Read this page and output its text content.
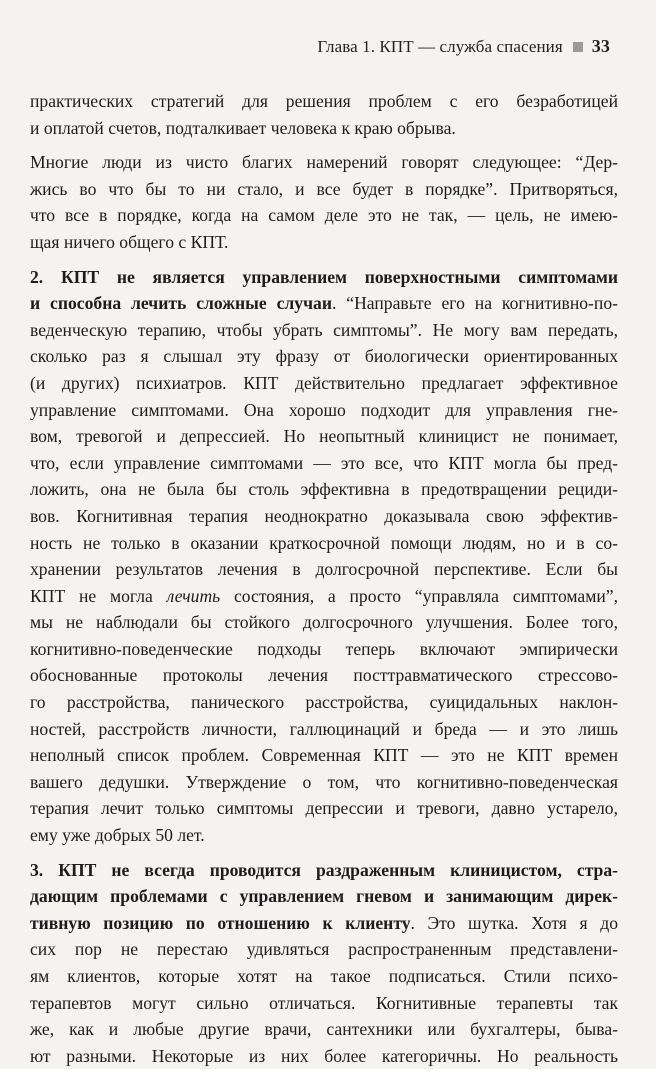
Глава 1. КПТ — служба спасения 33
практических стратегий для решения проблем с его безработицей
и оплатой счетов, подталкивает человека к краю обрыва.
Многие люди из чисто благих намерений говорят следующее: “Дер-
жись во что бы то ни стало, и все будет в порядке”. Притворяться,
что все в порядке, когда на самом деле это не так, — цель, не имею-
щая ничего общего с КПТ.
2. КПТ не является управлением поверхностными симптомами
и способна лечить сложные случаи. “Направьте его на когнитивно-по-
веденческую терапию, чтобы убрать симптомы”. Не могу вам передать,
сколько раз я слышал эту фразу от биологически ориентированных
(и других) психиатров. КПТ действительно предлагает эффективное
управление симптомами. Она хорошо подходит для управления гне-
вом, тревогой и депрессией. Но неопытный клиницист не понимает,
что, если управление симптомами — это все, что КПТ могла бы пред-
ложить, она не была бы столь эффективна в предотвращении рециди-
вов. Когнитивная терапия неоднократно доказывала свою эффектив-
ность не только в оказании краткосрочной помощи людям, но и в со-
хранении результатов лечения в долгосрочной перспективе. Если бы
КПТ не могла лечить состояния, а просто “управляла симптомами”,
мы не наблюдали бы стойкого долгосрочного улучшения. Более того,
когнитивно-поведенческие подходы теперь включают эмпирически
обоснованные протоколы лечения посттравматического стрессово-
го расстройства, панического расстройства, суицидальных наклон-
ностей, расстройств личности, галлюцинаций и бреда — и это лишь
неполный список проблем. Современная КПТ — это не КПТ времен
вашего дедушки. Утверждение о том, что когнитивно-поведенческая
терапия лечит только симптомы депрессии и тревоги, давно устарело,
ему уже добрых 50 лет.
3. КПТ не всегда проводится раздраженным клиницистом, стра-
дающим проблемами с управлением гневом и занимающим дирек-
тивную позицию по отношению к клиенту. Это шутка. Хотя я до
сих пор не перестаю удивляться распространенным представлени-
ям клиентов, которые хотят на такое подписаться. Стили психо-
терапевтов могут сильно отличаться. Когнитивные терапевты так
же, как и любые другие врачи, сантехники или бухгалтеры, быва-
ют разными. Некоторые из них более категоричны. Но реальность
